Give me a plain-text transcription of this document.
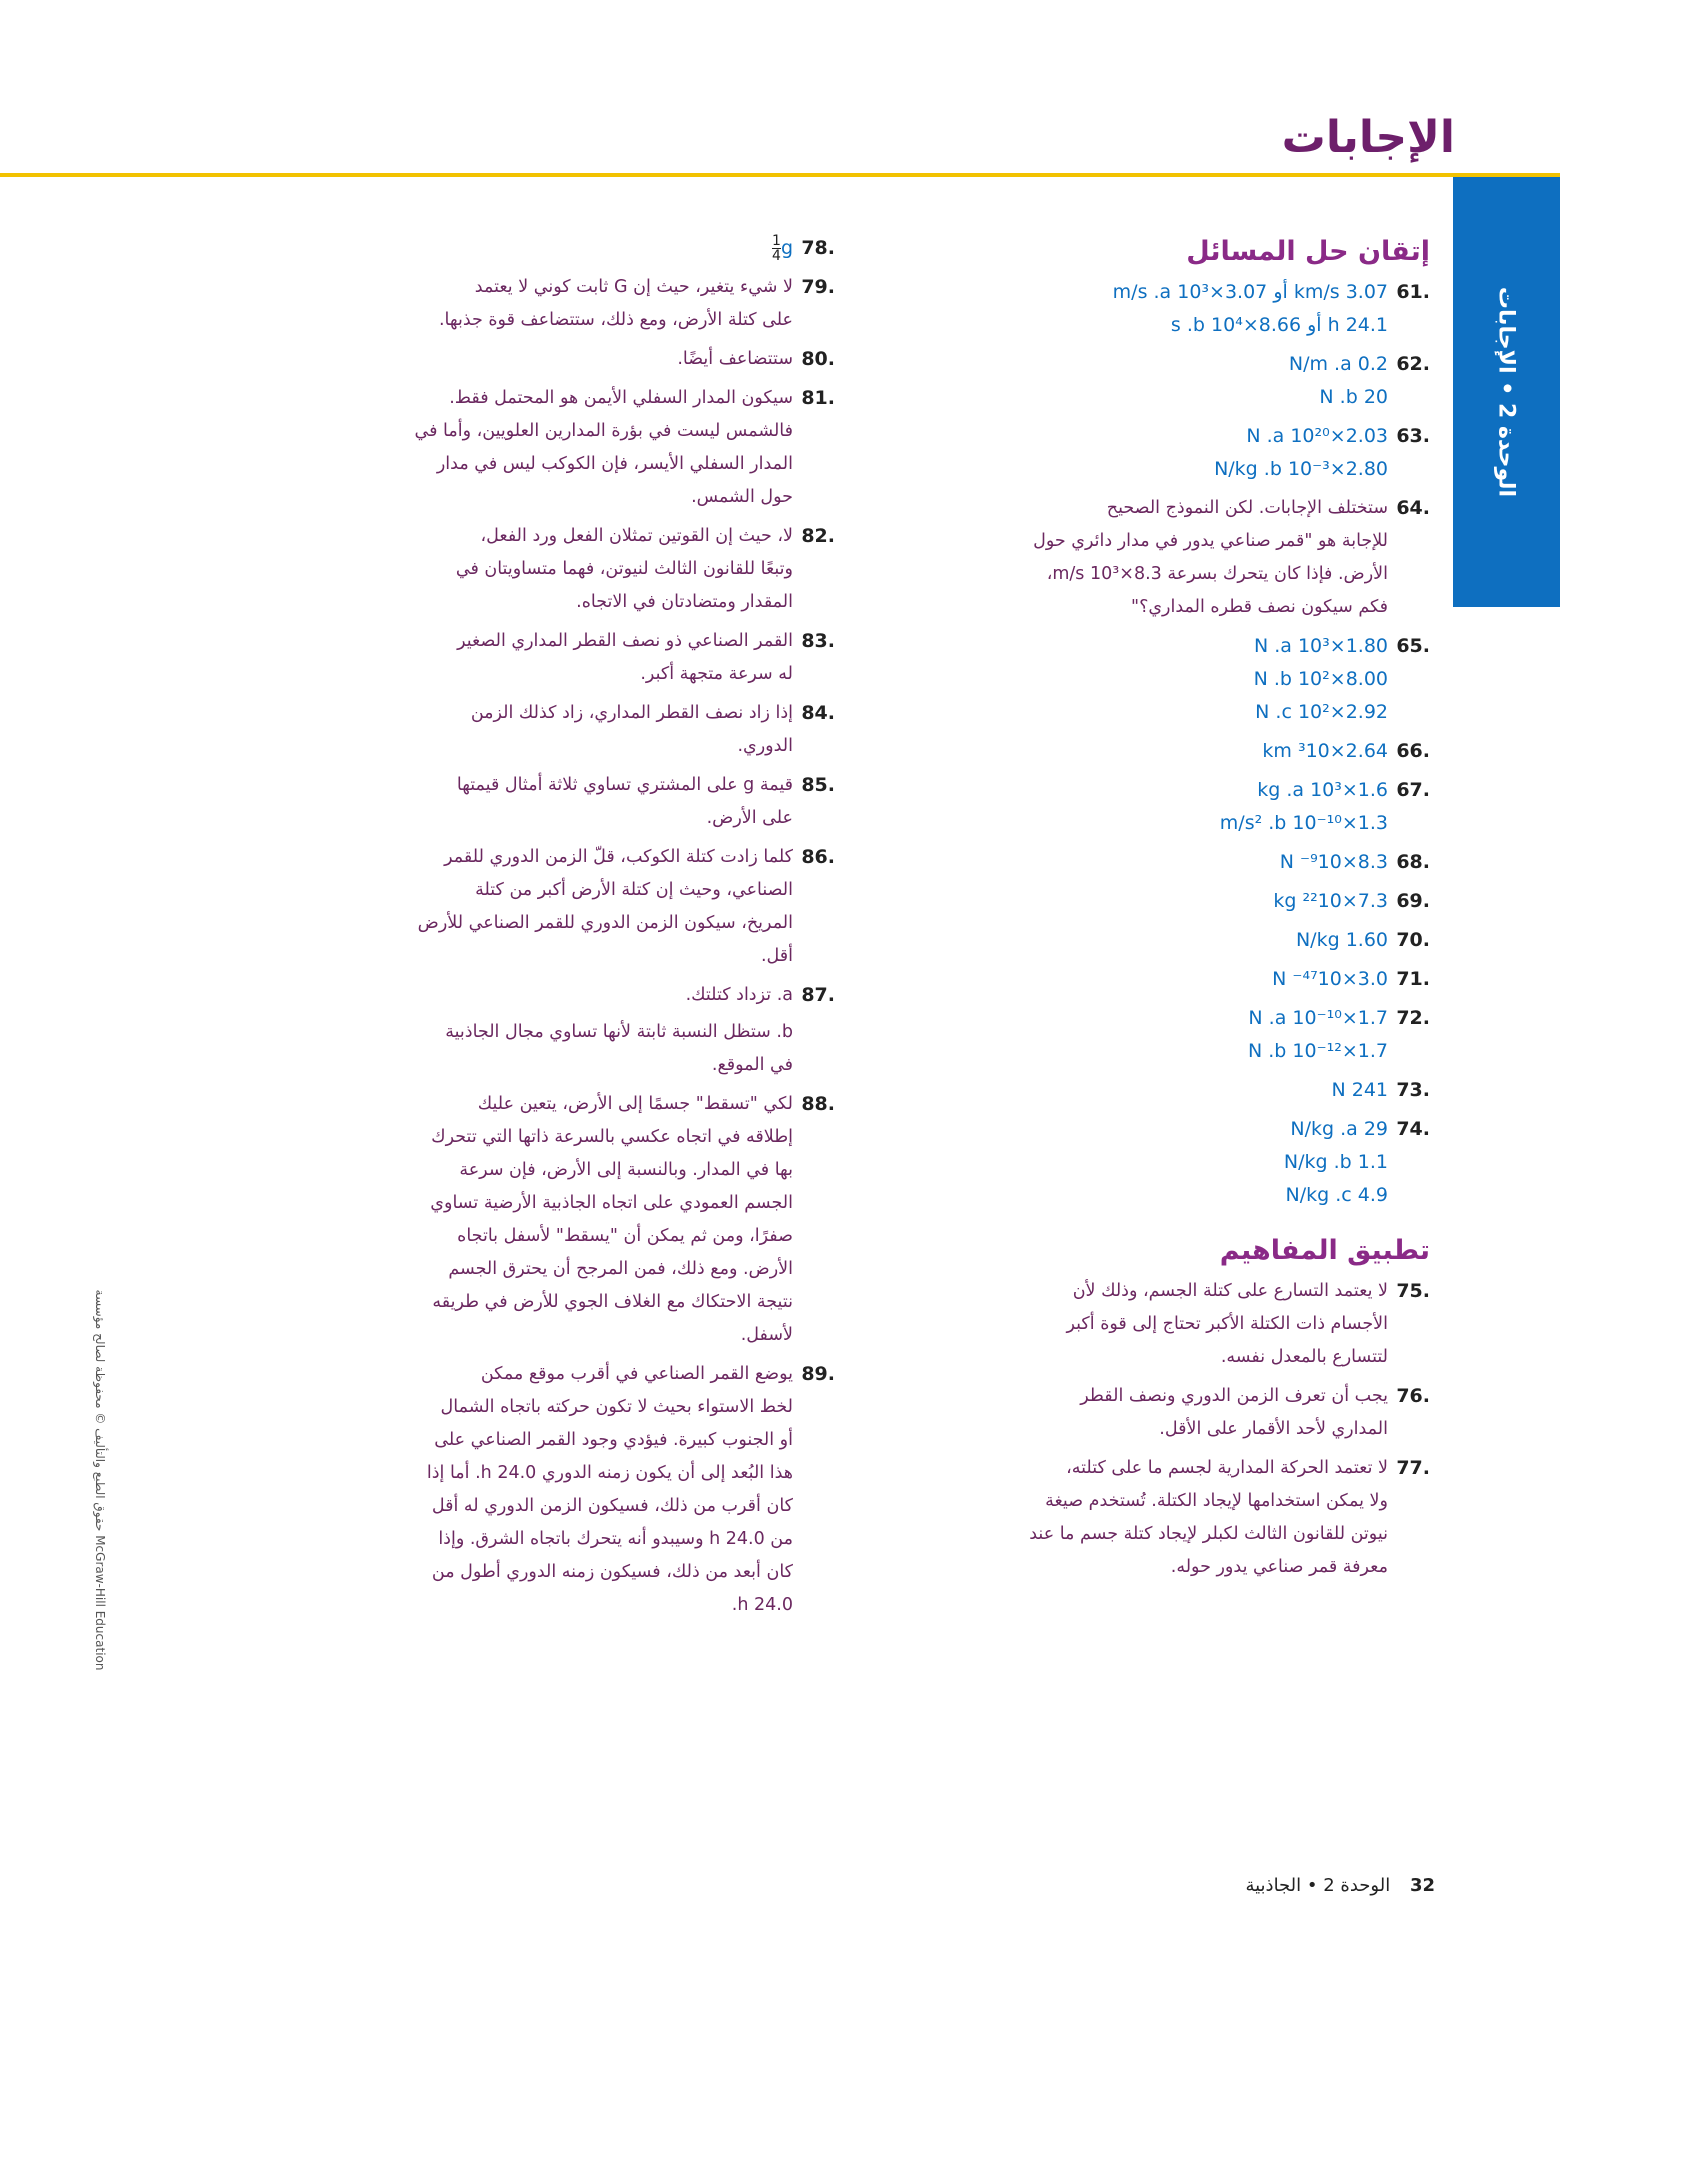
الإجابات
الوحدة 2 • الإجابات
حقوق الطبع والتأليف © محفوظة لصالح مؤسسة McGraw-Hill Education
إتقان حل المسائل
.61
3.07 km/s أو 3.07×10³ m/s .a
24.1 h أو 8.66×10⁴ s .b
.62
0.2 N/m .a
20 N .b
.63
2.03×10²⁰ N .a
2.80×10⁻³ N/kg .b
.64
ستختلف الإجابات. لكن النموذج الصحيح
للإجابة هو "قمر صناعي يدور في مدار دائري حول
الأرض. فإذا كان يتحرك بسرعة 8.3×10³ m/s،
فكم سيكون نصف قطره المداري؟"
.65
1.80×10³ N .a
8.00×10² N .b
2.92×10² N .c
.66
km ³10×2.64
.67
1.6×10³ kg .a
1.3×10⁻¹⁰ m/s² .b
.68
N ⁻⁹10×8.3
.69
kg ²²10×7.3
.70
1.60 N/kg
.71
N ⁻⁴⁷10×3.0
.72
1.7×10⁻¹⁰ N .a
1.7×10⁻¹² N .b
.73
241 N
.74
29 N/kg .a
1.1 N/kg .b
4.9 N/kg .c
تطبيق المفاهيم
.75
لا يعتمد التسارع على كتلة الجسم، وذلك لأن
الأجسام ذات الكتلة الأكبر تحتاج إلى قوة أكبر
لتتسارع بالمعدل نفسه.
.76
يجب أن تعرف الزمن الدوري ونصف القطر
المداري لأحد الأقمار على الأقل.
.77
لا تعتمد الحركة المدارية لجسم ما على كتلته،
ولا يمكن استخدامها لإيجاد الكتلة. تُستخدم صيغة
نيوتن للقانون الثالث لكبلر لإيجاد كتلة جسم ما عند
معرفة قمر صناعي يدور حوله.
.78
$\frac{1}{4}$ g
.79
لا شيء يتغير، حيث إن G ثابت كوني لا يعتمد
على كتلة الأرض، ومع ذلك، ستتضاعف قوة جذبها.
.80
ستتضاعف أيضًا.
.81
سيكون المدار السفلي الأيمن هو المحتمل فقط.
فالشمس ليست في بؤرة المدارين العلويين، وأما في
المدار السفلي الأيسر، فإن الكوكب ليس في مدار
حول الشمس.
.82
لا، حيث إن القوتين تمثلان الفعل ورد الفعل،
وتبعًا للقانون الثالث لنيوتن، فهما متساويتان في
المقدار ومتضادتان في الاتجاه.
.83
القمر الصناعي ذو نصف القطر المداري الصغير
له سرعة متجهة أكبر.
.84
إذا زاد نصف القطر المداري، زاد كذلك الزمن
الدوري.
.85
قيمة g على المشتري تساوي ثلاثة أمثال قيمتها
على الأرض.
.86
كلما زادت كتلة الكوكب، قلّ الزمن الدوري للقمر
الصناعي، وحيث إن كتلة الأرض أكبر من كتلة
المريخ، سيكون الزمن الدوري للقمر الصناعي للأرض
أقل.
.87
a. تزداد كتلتك.
b. ستظل النسبة ثابتة لأنها تساوي مجال الجاذبية
في الموقع.
.88
لكي "تسقط" جسمًا إلى الأرض، يتعين عليك
إطلاقه في اتجاه عكسي بالسرعة ذاتها التي تتحرك
بها في المدار. وبالنسبة إلى الأرض، فإن سرعة
الجسم العمودي على اتجاه الجاذبية الأرضية تساوي
صفرًا، ومن ثم يمكن أن "يسقط" لأسفل باتجاه
الأرض. ومع ذلك، فمن المرجح أن يحترق الجسم
نتيجة الاحتكاك مع الغلاف الجوي للأرض في طريقه
لأسفل.
.89
يوضع القمر الصناعي في أقرب موقع ممكن
لخط الاستواء بحيث لا تكون حركته باتجاه الشمال
أو الجنوب كبيرة. فيؤدي وجود القمر الصناعي على
هذا البُعد إلى أن يكون زمنه الدوري 24.0 h. أما إذا
كان أقرب من ذلك، فسيكون الزمن الدوري له أقل
من 24.0 h وسيبدو أنه يتحرك باتجاه الشرق. وإذا
كان أبعد من ذلك، فسيكون زمنه الدوري أطول من
24.0 h.
32 الوحدة 2 • الجاذبية
